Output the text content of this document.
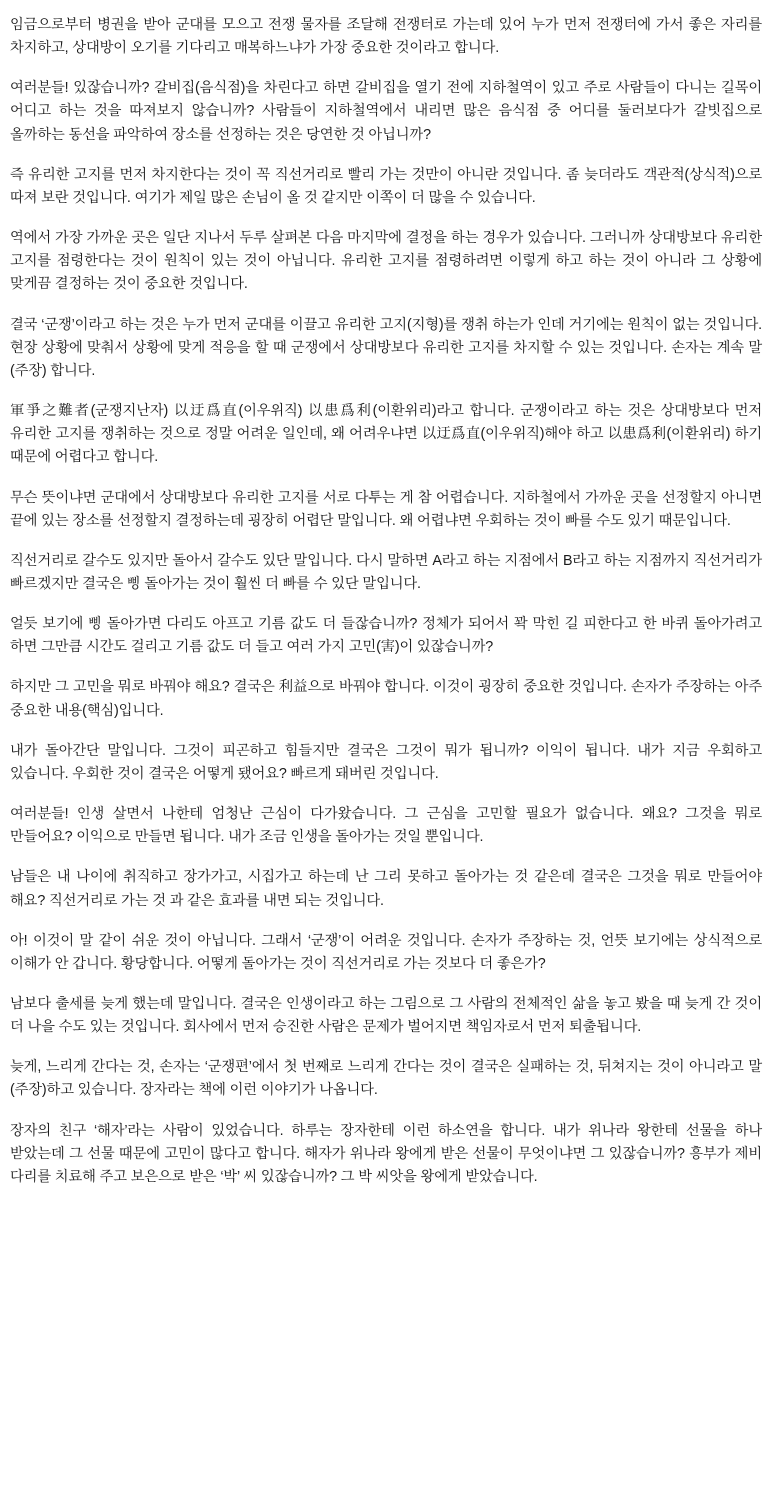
임금으로부터 병권을 받아 군대를 모으고 전쟁 물자를 조달해 전쟁터로 가는데 있어 누가 먼저 전쟁터에 가서 좋은 자리를 차지하고, 상대방이 오기를 기다리고 매복하느냐가 가장 중요한 것이라고 합니다.

여러분들! 있잖습니까? 갈비집(음식점)을 차린다고 하면 갈비집을 열기 전에 지하철역이 있고 주로 사람들이 다니는 길목이 어디고 하는 것을 따져보지 않습니까? 사람들이 지하철역에서 내리면 많은 음식점 중 어디를 둘러보다가 갈빗집으로 올까하는 동선을 파악하여 장소를 선정하는 것은 당연한 것 아닙니까?

즉 유리한 고지를 먼저 차지한다는 것이 꼭 직선거리로 빨리 가는 것만이 아니란 것입니다. 좀 늦더라도 객관적(상식적)으로 따져 보란 것입니다. 여기가 제일 많은 손님이 올 것 같지만 이쪽이 더 많을 수 있습니다.

역에서 가장 가까운 곳은 일단 지나서 두루 살펴본 다음 마지막에 결정을 하는 경우가 있습니다. 그러니까 상대방보다 유리한 고지를 점령한다는 것이 원칙이 있는 것이 아닙니다. 유리한 고지를 점령하려면 이렇게 하고 하는 것이 아니라 그 상황에 맞게끔 결정하는 것이 중요한 것입니다.

결국 ‘군쟁’이라고 하는 것은 누가 먼저 군대를 이끌고 유리한 고지(지형)를 쟁취 하는가 인데 거기에는 원칙이 없는 것입니다. 현장 상황에 맞춰서 상황에 맞게 적응을 할 때 군쟁에서 상대방보다 유리한 고지를 차지할 수 있는 것입니다. 손자는 계속 말(주장) 합니다.

軍爭之難者(군쟁지난자) 以迂爲直(이우위직) 以患爲利(이환위리)라고 합니다. 군쟁이라고 하는 것은 상대방보다 먼저 유리한 고지를 쟁취하는 것으로 정말 어려운 일인데, 왜 어려우냐면 以迂爲直(이우위직)해야 하고 以患爲利(이환위리) 하기 때문에 어렵다고 합니다.

무슨 뜻이냐면 군대에서 상대방보다 유리한 고지를 서로 다투는 게 참 어렵습니다. 지하철에서 가까운 곳을 선정할지 아니면 끝에 있는 장소를 선정할지 결정하는데 굉장히 어렵단 말입니다. 왜 어렵냐면 우회하는 것이 빠를 수도 있기 때문입니다.

직선거리로 갈수도 있지만 돌아서 갈수도 있단 말입니다. 다시 말하면 A라고 하는 지점에서 B라고 하는 지점까지 직선거리가 빠르겠지만 결국은 삥 돌아가는 것이 훨씬 더 빠를 수 있단 말입니다.

얼듯 보기에 삥 돌아가면 다리도 아프고 기름 값도 더 들잖습니까? 정체가 되어서 꽉 막힌 길 피한다고 한 바퀴 돌아가려고 하면 그만큼 시간도 걸리고 기름 값도 더 들고 여러 가지 고민(害)이 있잖습니까?

하지만 그 고민을 뭐로 바꿔야 해요? 결국은 利益으로 바꿔야 합니다. 이것이 굉장히 중요한 것입니다. 손자가 주장하는 아주 중요한 내용(핵심)입니다.

내가 돌아간단 말입니다. 그것이 피곤하고 힘들지만 결국은 그것이 뭐가 됩니까? 이익이 됩니다. 내가 지금 우회하고 있습니다. 우회한 것이 결국은 어떻게 됐어요? 빠르게 돼버린 것입니다.

여러분들! 인생 살면서 나한테 엄청난 근심이 다가왔습니다. 그 근심을 고민할 필요가 없습니다. 왜요? 그것을 뭐로 만들어요? 이익으로 만들면 됩니다. 내가 조금 인생을 돌아가는 것일 뿐입니다.

남들은 내 나이에 취직하고 장가가고, 시집가고 하는데 난 그리 못하고 돌아가는 것 같은데 결국은 그것을 뭐로 만들어야 해요? 직선거리로 가는 것 과 같은 효과를 내면 되는 것입니다.

아! 이것이 말 같이 쉬운 것이 아닙니다. 그래서 ‘군쟁’이 어려운 것입니다. 손자가 주장하는 것, 언뜻 보기에는 상식적으로 이해가 안 갑니다. 황당합니다. 어떻게 돌아가는 것이 직선거리로 가는 것보다 더 좋은가?

남보다 출세를 늦게 했는데 말입니다. 결국은 인생이라고 하는 그림으로 그 사람의 전체적인 삶을 놓고 봤을 때 늦게 간 것이 더 나을 수도 있는 것입니다. 회사에서 먼저 승진한 사람은 문제가 벌어지면 책임자로서 먼저 퇴출됩니다.

늦게, 느리게 간다는 것, 손자는 ‘군쟁편’에서 첫 번째로 느리게 간다는 것이 결국은 실패하는 것, 뒤쳐지는 것이 아니라고 말(주장)하고 있습니다. 장자라는 책에 이런 이야기가 나옵니다.

장자의 친구 ‘해자’라는 사람이 있었습니다. 하루는 장자한테 이런 하소연을 합니다. 내가 위나라 왕한테 선물을 하나 받았는데 그 선물 때문에 고민이 많다고 합니다. 해자가 위나라 왕에게 받은 선물이 무엇이냐면 그 있잖습니까? 흥부가 제비 다리를 치료해 주고 보은으로 받은 ‘박’ 씨 있잖습니까? 그 박 씨앗을 왕에게 받았습니다.
